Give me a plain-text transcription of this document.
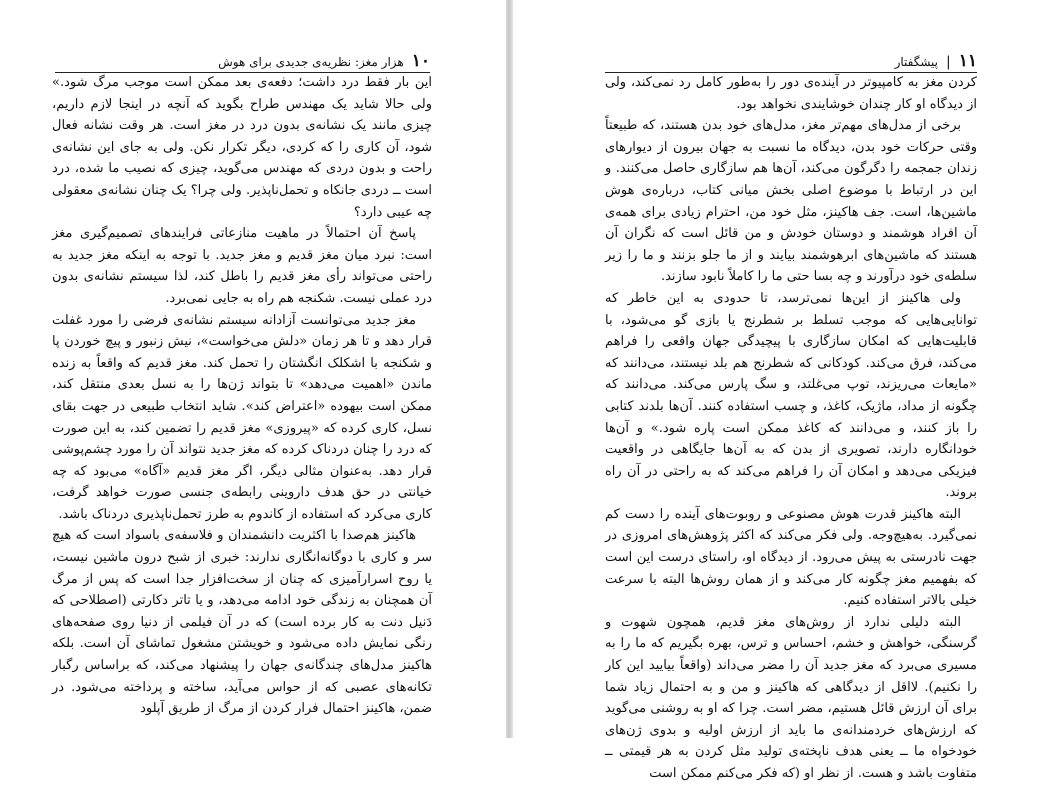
۱۰
هزار مغز: نظریه‌ی جدیدی برای هوش

این بار فقط درد داشت؛ دفعه‌ی بعد ممکن است موجب مرگ شود.» ولی حالا شاید یک مهندس طراح بگوید که آنچه در اینجا لازم داریم، چیزی مانند یک نشانه‌ی بدون درد در مغز است. هر وقت نشانه فعال شود، آن کاری را که کردی، دیگر تکرار نکن. ولی به جای این نشانه‌ی راحت و بدون دردی که مهندس می‌گوید، چیزی که نصیب ما شده، درد است ــ دردی جانکاه و تحمل‌ناپذیر. ولی چرا؟ یک چنان نشانه‌ی معقولی چه عیبی دارد؟

پاسخ آن احتمالاً در ماهیت منازعاتی فرایندهای تصمیم‌گیری مغز است: نبرد میان مغز قدیم و مغز جدید. با توجه به اینکه مغز جدید به راحتی می‌تواند رأی مغز قدیم را باطل کند، لذا سیستم نشانه‌ی بدون درد عملی نیست. شکنجه هم راه به جایی نمی‌برد.

مغز جدید می‌توانست آزادانه سیستم نشانه‌ی فرضی را مورد غفلت قرار دهد و تا هر زمان «دلش می‌خواست»، نیش زنبور و پیچ خوردن پا و شکنجه با اشکلک انگشتان را تحمل کند. مغز قدیم که واقعاً به زنده ماندن «اهمیت می‌دهد» تا بتواند ژن‌ها را به نسل بعدی منتقل کند، ممکن است بیهوده «اعتراض کند». شاید انتخاب طبیعی در جهت بقای نسل، کاری کرده که «پیروزی» مغز قدیم را تضمین کند، به این صورت که درد را چنان دردناک کرده که مغز جدید نتواند آن را مورد چشم‌پوشی قرار دهد. به‌عنوان مثالی دیگر، اگر مغز قدیم «آگاه» می‌بود که چه خیانتی در حق هدف داروینی رابطه‌ی جنسی صورت خواهد گرفت، کاری می‌کرد که استفاده از کاندوم به طرز تحمل‌ناپذیری دردناک باشد.

هاکینز هم‌صدا با اکثریت دانشمندان و فلاسفه‌ی باسواد است که هیچ سر و کاری با دوگانه‌انگاری ندارند: خبری از شبح درون ماشین نیست، یا روح اسرارآمیزی که چنان از سخت‌افزار جدا است که پس از مرگ آن همچنان به زندگی خود ادامه می‌دهد، و یا تاتر دکارتی (اصطلاحی که دَنیل دنت به کار برده است) که در آن فیلمی از دنیا روی صفحه‌های رنگی نمایش داده می‌شود و خویشتن مشغول تماشای آن است. بلکه هاکینز مدل‌های چندگانه‌ی جهان را پیشنهاد می‌کند، که براساس رگبار تکانه‌های عصبی که از حواس می‌آید، ساخته و پرداخته می‌شود. در ضمن، هاکینز احتمال فرار کردن از مرگ از طریق آپلود

۱۱
|
پیشگفتار

کردن مغز به کامپیوتر در آینده‌ی دور را به‌طور کامل رد نمی‌کند، ولی از دیدگاه او کار چندان خوشایندی نخواهد بود.

برخی از مدل‌های مهم‌تر مغز، مدل‌های خود بدن هستند، که طبیعتاً وقتی حرکات خود بدن، دیدگاه ما نسبت به جهان بیرون از دیوارهای زندان جمجمه را دگرگون می‌کند، آن‌ها هم سازگاری حاصل می‌کنند. و این در ارتباط با موضوع اصلی بخش میانی کتاب، درباره‌ی هوش ماشین‌ها، است. جف هاکینز، مثل خود من، احترام زیادی برای همه‌ی آن افراد هوشمند و دوستان خودش و من قائل است که نگران آن هستند که ماشین‌های ابرهوشمند بیایند و از ما جلو بزنند و ما را زیر سلطه‌ی خود درآورند و چه بسا حتی ما را کاملاً نابود سازند.

ولی هاکینز از این‌ها نمی‌ترسد، تا حدودی به این خاطر که توانایی‌هایی که موجب تسلط بر شطرنج یا بازی گو می‌شود، با قابلیت‌هایی که امکان سازگاری با پیچیدگی جهان واقعی را فراهم می‌کند، فرق می‌کند. کودکانی که شطرنج هم بلد نیستند، می‌دانند که «مایعات می‌ریزند، توپ می‌غلتد، و سگ پارس می‌کند. می‌دانند که چگونه از مداد، ماژیک، کاغذ، و چسب استفاده کنند. آن‌ها بلدند کتابی را باز کنند، و می‌دانند که کاغذ ممکن است پاره شود.» و آن‌ها خودانگاره دارند، تصویری از بدن که به آن‌ها جایگاهی در واقعیت فیزیکی می‌دهد و امکان آن را فراهم می‌کند که به راحتی در آن راه بروند.

البته هاکینز قدرت هوش مصنوعی و روبوت‌های آینده را دست کم نمی‌گیرد. به‌هیچ‌وجه. ولی فکر می‌کند که اکثر پژوهش‌های امروزی در جهت نادرستی به پیش می‌رود. از دیدگاه او، راستای درست این است که بفهمیم مغز چگونه کار می‌کند و از همان روش‌ها البته با سرعت خیلی بالاتر استفاده کنیم.

البته دلیلی ندارد از روش‌های مغز قدیم، همچون شهوت و گرسنگی، خواهش و خشم، احساس و ترس، بهره بگیریم که ما را به مسیری می‌برد که مغز جدید آن را مضر می‌داند (واقعاً بیایید این کار را نکنیم). لااقل از دیدگاهی که هاکینز و من و به احتمال زیاد شما برای آن ارزش قائل هستیم، مضر است. چرا که او به روشنی می‌گوید که ارزش‌های خردمندانه‌ی ما باید از ارزش اولیه و بدوی ژن‌های خودخواه ما ــ یعنی هدف ناپخته‌ی تولید مثل کردن به هر قیمتی ــ متفاوت باشد و هست. از نظر او (که فکر می‌کنم ممکن است
